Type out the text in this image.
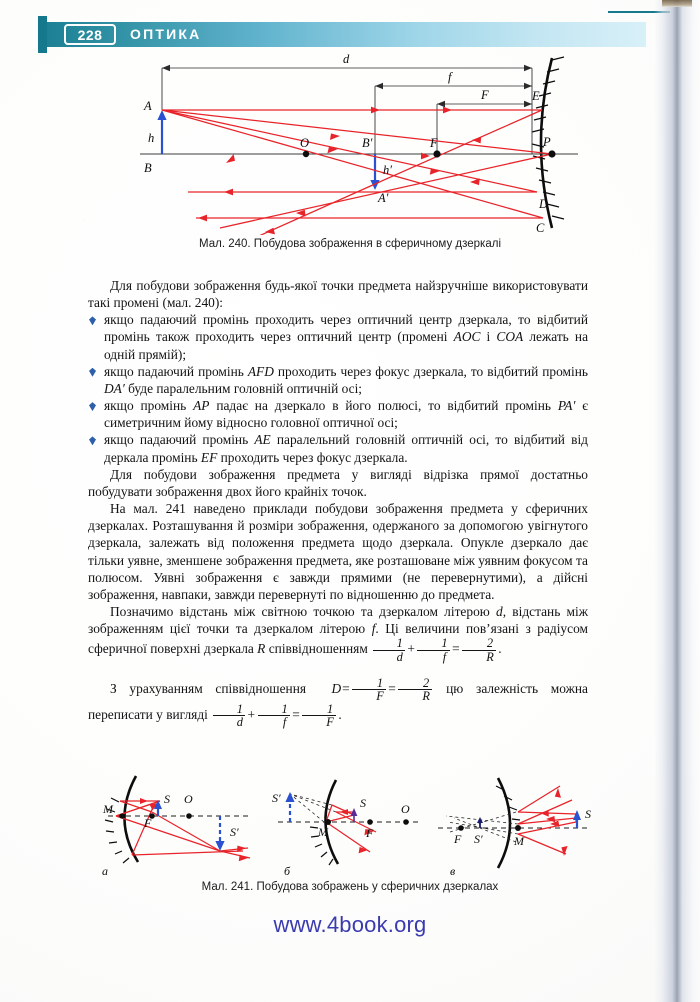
228 ОПТИКА
d
f
F
A
B
O	B′	F	P
E
D
C
h
h′
A′
Мал. 240. Побудова зображення в сферичному дзеркалі

Для побудови зображення будь-якої точки предмета найзручніше використовувати такі промені (мал. 240):

якщо падаючий промінь проходить через оптичний центр дзеркала, то відбитий промінь також проходить через оптичний центр (промені AOC і COA лежать на одній прямій);
якщо падаючий промінь AFD проходить через фокус дзеркала, то відбитий промінь DA′ буде паралельним головній оптичній осі;
якщо промінь AP падає на дзеркало в його полюсі, то відбитий промінь PA′ є симетричним йому відносно головної оптичної осі;
якщо падаючий промінь AE паралельний головній оптичній осі, то відбитий від деркала промінь EF проходить через фокус дзеркала.

Для побудови зображення предмета у вигляді відрізка прямої достатньо побудувати зображення двох його крайніх точок.

На мал. 241 наведено приклади побудови зображення предмета у сферичних дзеркалах. Розташування й розміри зображення, одержаного за допомогою увігнутого дзеркала, залежать від положення предмета щодо дзеркала. Опукле дзеркало дає тільки уявне, зменшене зображення предмета, яке розташоване між уявним фокусом та полюсом. Уявні зображення є завжди прямими (не перевернутими), а дійсні зображення, навпаки, завжди перевернуті по відношенню до предмета.

Позначимо відстань між світною точкою та дзеркалом літерою d, відстань між зображенням цієї точки та дзеркалом літерою f. Ці величини пов’язані з радіусом сферичної поверхні дзеркала R співвідношенням $\frac{1}{d} + \frac{1}{f} = \frac{2}{R}$ .

З урахуванням співвідношення $D= \frac{1}{F} = \frac{2}{R}$ цю залежність можна переписати у вигляді $\frac{1}{d} + \frac{1}{f} = \frac{1}{F}$ .

M
F
S O
S′
а
S′
M
S
F
O
б
F S′	M
S
в
Мал. 241. Побудова зображень у сферичних дзеркалах
www.4book.org
